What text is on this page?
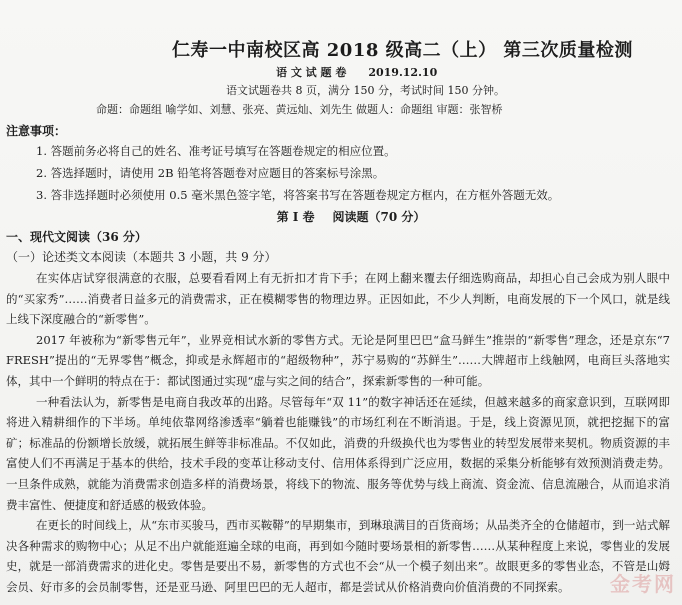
仁寿一中南校区高 2018 级高二（上） 第三次质量检测
语 文 试 题 卷 2019.12.10
语文试题卷共 8 页，满分 150 分，考试时间 150 分钟。
命题：命题组 喻学如、刘慧、张亮、黄远灿、刘先生 做题人：命题组 审题：张智桥
注意事项：

1. 答题前务必将自己的姓名、准考证号填写在答题卷规定的相应位置。

2. 答选择题时，请使用 2B 铅笔将答题卷对应题目的答案标号涂黑。

3. 答非选择题时必须使用 0.5 毫米黑色签字笔，将答案书写在答题卷规定方框内，在方框外答题无效。

第 I 卷 阅读题（70 分）
一、现代文阅读（36 分）
（一）论述类文本阅读（本题共 3 小题，共 9 分）

在实体店试穿很满意的衣服，总要看看网上有无折扣才肯下手；在网上翻来覆去仔细选购商品，却担心自己会成为别人眼中的“买家秀”……消费者日益多元的消费需求，正在模糊零售的物理边界。正因如此，不少人判断，电商发展的下一个风口，就是线上线下深度融合的“新零售”。

2017 年被称为“新零售元年”，业界竞相试水新的零售方式。无论是阿里巴巴“盒马鲜生”推崇的“新零售”理念，还是京东“7 FRESH”提出的“无界零售”概念，抑或是永辉超市的“超级物种”，苏宁易购的“苏鲜生”……大牌超市上线触网，电商巨头落地实体，其中一个鲜明的特点在于：都试图通过实现“虚与实之间的结合”，探索新零售的一种可能。

一种看法认为，新零售是电商自我改革的出路。尽管每年“双 11”的数字神话还在延续，但越来越多的商家意识到，互联网即将进入精耕细作的下半场。单纯依靠网络渗透率“躺着也能赚钱”的市场红利在不断消退。于是，线上资源见顶，就把挖掘下的富矿；标准品的份额增长放缓，就拓展生鲜等非标准品。不仅如此，消费的升级换代也为零售业的转型发展带来契机。物质资源的丰富使人们不再满足于基本的供给，技术手段的变革让移动支付、信用体系得到广泛应用，数据的采集分析能够有效预测消费走势。一旦条件成熟，就能为消费需求创造多样的消费场景，将线下的物流、服务等优势与线上商流、资金流、信息流融合，从而追求消费丰富性、便捷度和舒适感的极致体验。

在更长的时间线上，从“东市买骏马，西市买鞍鞯”的早期集市，到琳琅满目的百货商场；从品类齐全的仓储超市，到一站式解决各种需求的购物中心；从足不出户就能逛遍全球的电商，再到如今随时要场景相的新零售……从某种程度上来说，零售业的发展史，就是一部消费需求的进化史。零售是要出不易，新零售的方式也不会“从一个模子刻出来”。故眼更多的零售业态，不管是山姆会员、好市多的会员制零售，还是亚马逊、阿里巴巴的无人超市，都是尝试从价格消费向价值消费的不同探索。	金考网
